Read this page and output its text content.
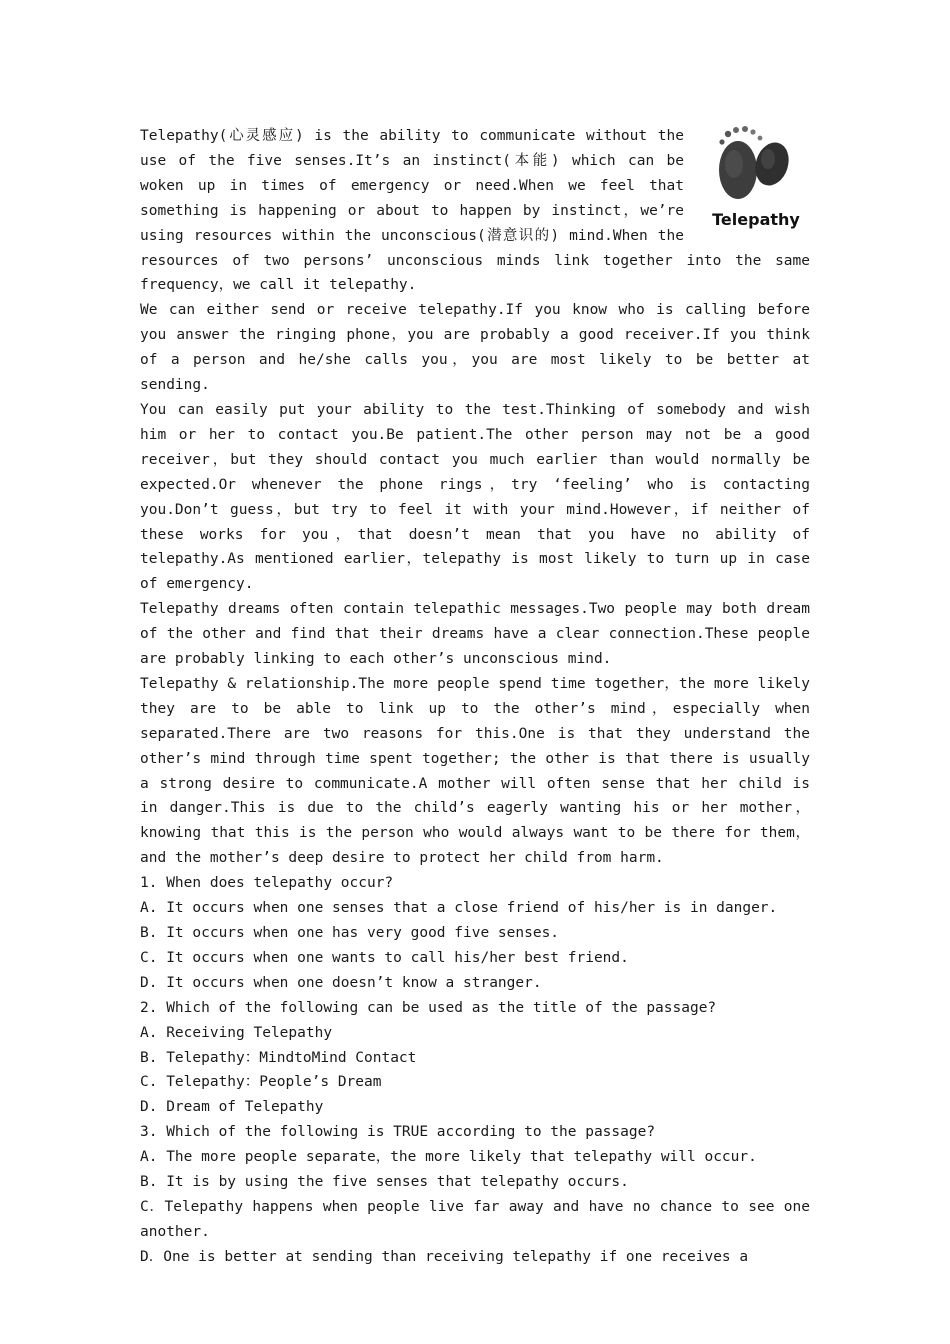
Telepathy

Telepathy(心灵感应) is the ability to communicate without the use of the five senses.It’s an instinct(本能) which can be woken up in times of emergency or need.When we feel that something is happening or about to happen by instinct，we’re using resources within the unconscious(潜意识的) mind.When the resources of two persons’ unconscious minds link together into the same frequency，we call it telepathy.

We can either send or receive telepathy.If you know who is calling before you answer the ringing phone，you are probably a good receiver.If you think of a person and he/she calls you，you are most likely to be better at sending.

You can easily put your ability to the test.Thinking of somebody and wish him or her to contact you.Be patient.The other person may not be a good receiver，but they should contact you much earlier than would normally be expected.Or whenever the phone rings，try ‘feeling’ who is contacting you.Don’t guess，but try to feel it with your mind.However，if neither of these works for you，that doesn’t mean that you have no ability of telepathy.As mentioned earlier，telepathy is most likely to turn up in case of emergency.

Telepathy dreams often contain telepathic messages.Two people may both dream of the other and find that their dreams have a clear connection.These people are probably linking to each other’s unconscious mind.

Telepathy & relationship.The more people spend time together，the more likely they are to be able to link up to the other’s mind，especially when separated.There are two reasons for this.One is that they understand the other’s mind through time spent together; the other is that there is usually a strong desire to communicate.A mother will often sense that her child is in danger.This is due to the child’s eagerly wanting his or her mother，knowing that this is the person who would always want to be there for them，and the mother’s deep desire to protect her child from harm.

1. When does telepathy occur?

A. It occurs when one senses that a close friend of his/her is in danger.

B. It occurs when one has very good five senses.

C. It occurs when one wants to call his/her best friend.

D. It occurs when one doesn’t know a stranger.

2. Which of the following can be used as the title of the passage?

A. Receiving Telepathy

B. Telepathy：MindtoMind Contact

C. Telepathy：People’s Dream

D. Dream of Telepathy

3. Which of the following is TRUE according to the passage?

A. The more people separate，the more likely that telepathy will occur.

B. It is by using the five senses that telepathy occurs.

C．Telepathy happens when people live far away and have no chance to see one another.

D．One is better at sending than receiving telepathy if one receives a
